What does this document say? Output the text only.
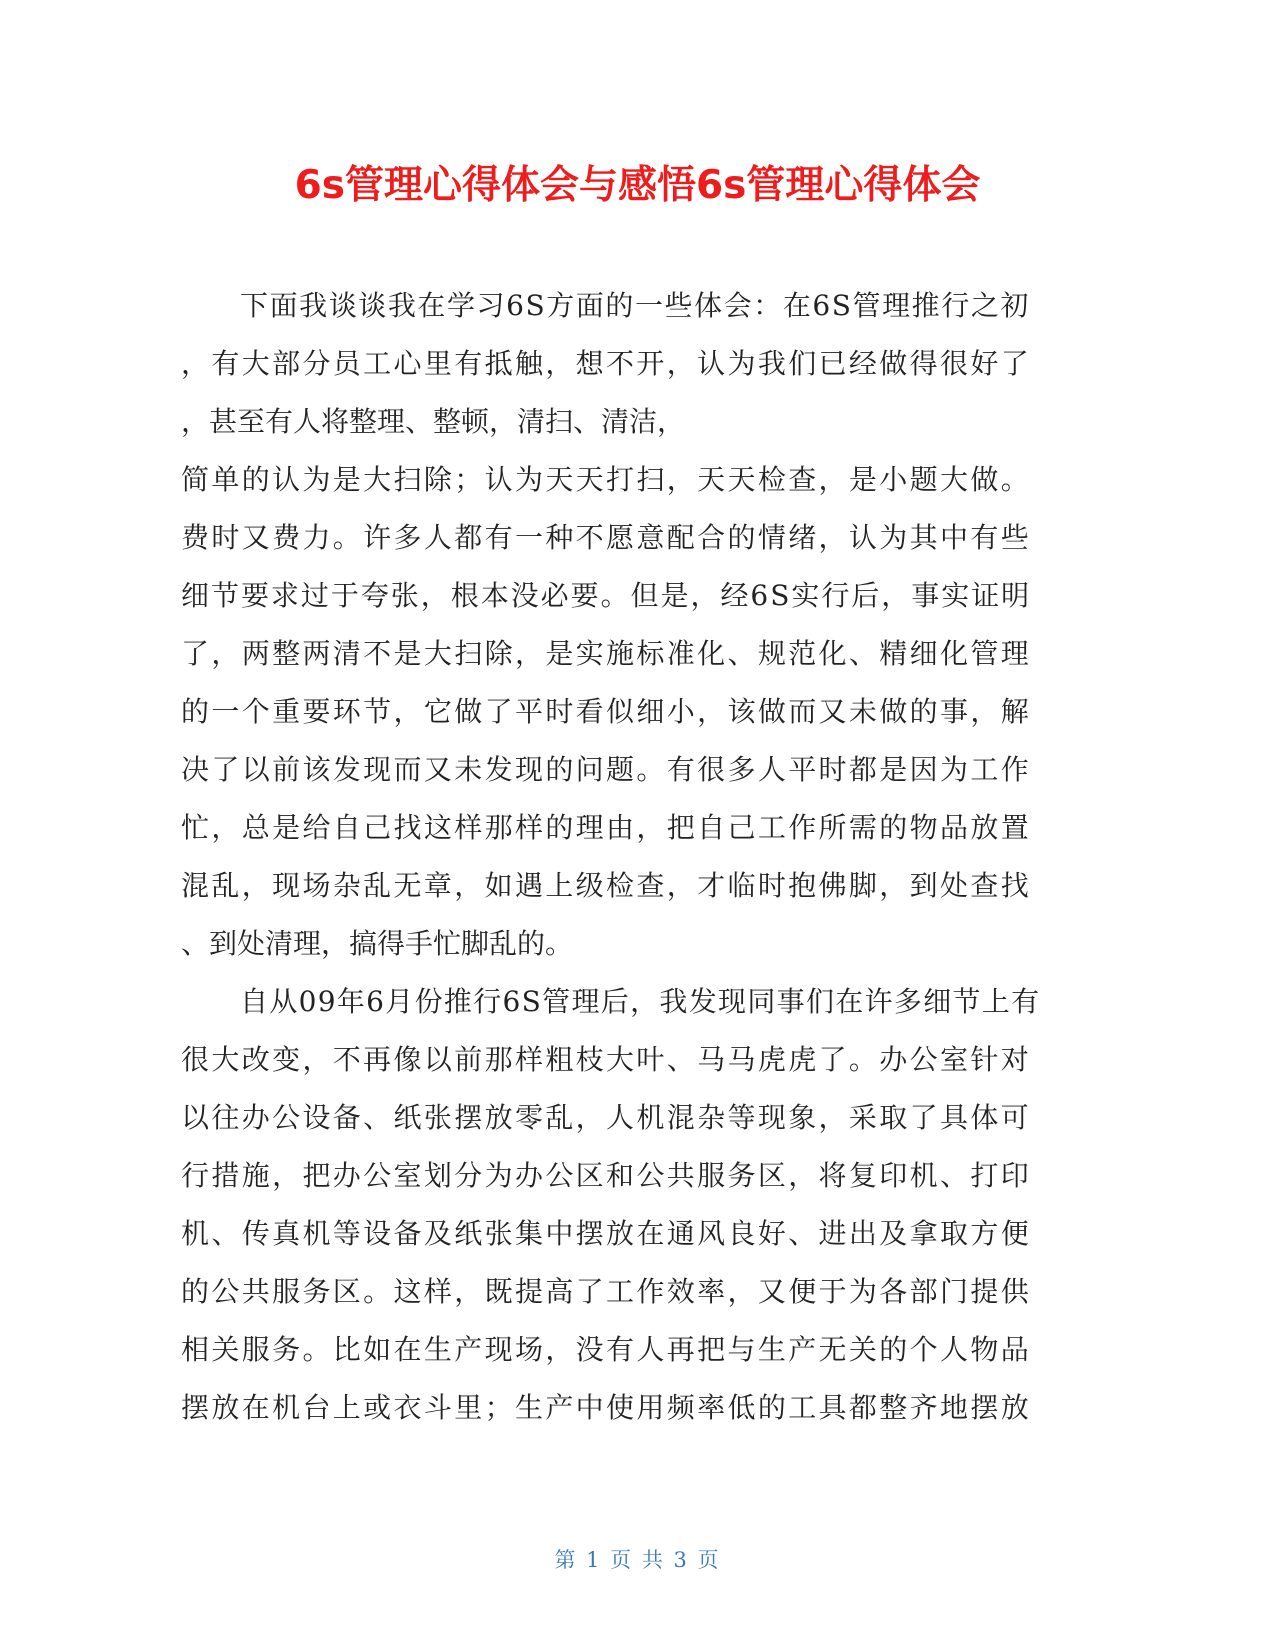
6s管理心得体会与感悟6s管理心得体会
下面我谈谈我在学习6S方面的一些体会：在6S管理推行之初
，有大部分员工心里有抵触，想不开，认为我们已经做得很好了
，甚至有人将整理、整顿，清扫、清洁，
简单的认为是大扫除；认为天天打扫，天天检查，是小题大做。
费时又费力。许多人都有一种不愿意配合的情绪，认为其中有些
细节要求过于夸张，根本没必要。但是，经6S实行后，事实证明
了，两整两清不是大扫除，是实施标准化、规范化、精细化管理
的一个重要环节，它做了平时看似细小，该做而又未做的事，解
决了以前该发现而又未发现的问题。有很多人平时都是因为工作
忙，总是给自己找这样那样的理由，把自己工作所需的物品放置
混乱，现场杂乱无章，如遇上级检查，才临时抱佛脚，到处查找
、到处清理，搞得手忙脚乱的。
自从09年6月份推行6S管理后，我发现同事们在许多细节上有
很大改变，不再像以前那样粗枝大叶、马马虎虎了。办公室针对
以往办公设备、纸张摆放零乱，人机混杂等现象，采取了具体可
行措施，把办公室划分为办公区和公共服务区，将复印机、打印
机、传真机等设备及纸张集中摆放在通风良好、进出及拿取方便
的公共服务区。这样，既提高了工作效率，又便于为各部门提供
相关服务。比如在生产现场，没有人再把与生产无关的个人物品
摆放在机台上或衣斗里；生产中使用频率低的工具都整齐地摆放
第 1 页 共 3 页
